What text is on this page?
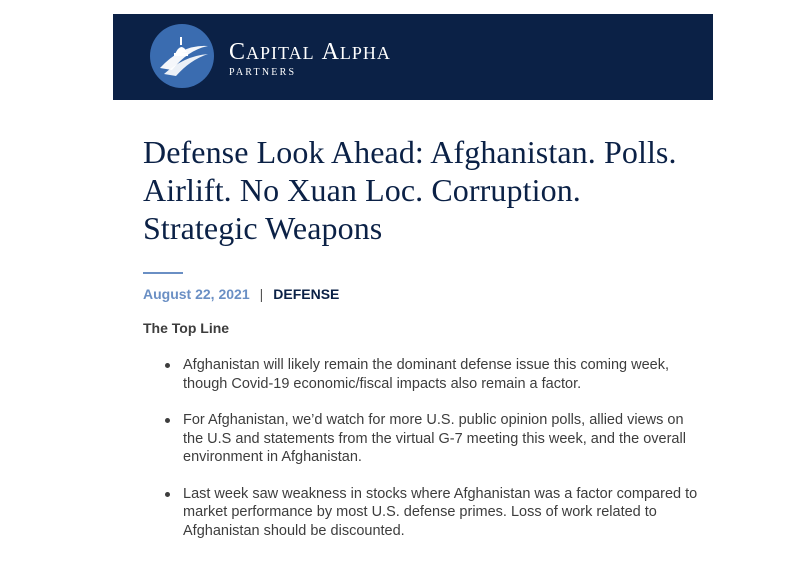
CAPITAL ALPHA
PARTNERS
Defense Look Ahead: Afghanistan. Polls. Airlift. No Xuan Loc. Corruption. Strategic Weapons
August 22, 2021 | DEFENSE
The Top Line
Afghanistan will likely remain the dominant defense issue this coming week, though Covid-19 economic/fiscal impacts also remain a factor.
For Afghanistan, we’d watch for more U.S. public opinion polls, allied views on the U.S and statements from the virtual G-7 meeting this week, and the overall environment in Afghanistan.
Last week saw weakness in stocks where Afghanistan was a factor compared to market performance by most U.S. defense primes. Loss of work related to Afghanistan should be discounted.
